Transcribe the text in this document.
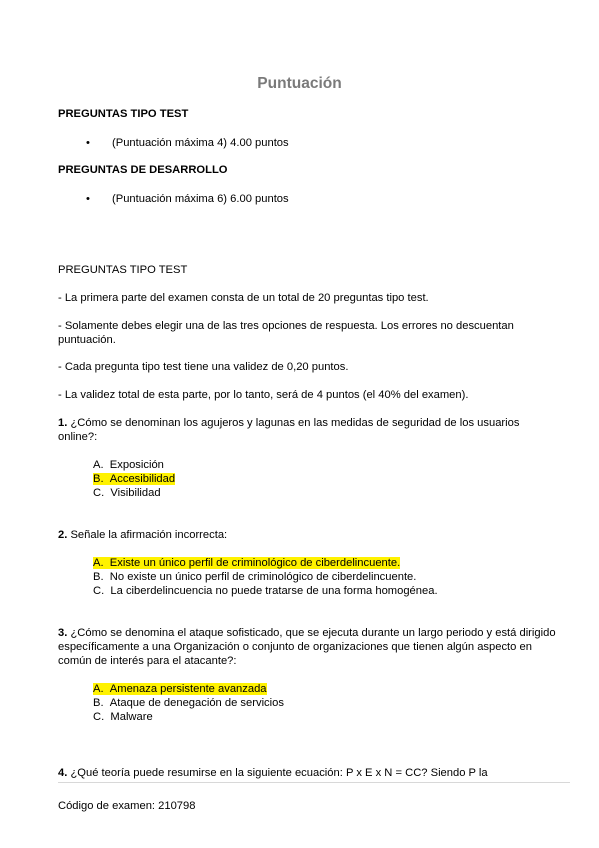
Puntuación
PREGUNTAS TIPO TEST
• (Puntuación máxima 4) 4.00 puntos
PREGUNTAS DE DESARROLLO
• (Puntuación máxima 6) 6.00 puntos
PREGUNTAS TIPO TEST
- La primera parte del examen consta de un total de 20 preguntas tipo test.
- Solamente debes elegir una de las tres opciones de respuesta. Los errores no descuentan puntuación.
- Cada pregunta tipo test tiene una validez de 0,20 puntos.
- La validez total de esta parte, por lo tanto, será de 4 puntos (el 40% del examen).
1. ¿Cómo se denominan los agujeros y lagunas en las medidas de seguridad de los usuarios online?:
A. Exposición
B. Accesibilidad
C. Visibilidad
2. Señale la afirmación incorrecta:
A. Existe un único perfil de criminológico de ciberdelincuente.
B. No existe un único perfil de criminológico de ciberdelincuente.
C. La ciberdelincuencia no puede tratarse de una forma homogénea.
3. ¿Cómo se denomina el ataque sofisticado, que se ejecuta durante un largo periodo y está dirigido específicamente a una Organización o conjunto de organizaciones que tienen algún aspecto en común de interés para el atacante?:
A. Amenaza persistente avanzada
B. Ataque de denegación de servicios
C. Malware
4. ¿Qué teoría puede resumirse en la siguiente ecuación: P x E x N = CC? Siendo P la
Código de examen: 210798
